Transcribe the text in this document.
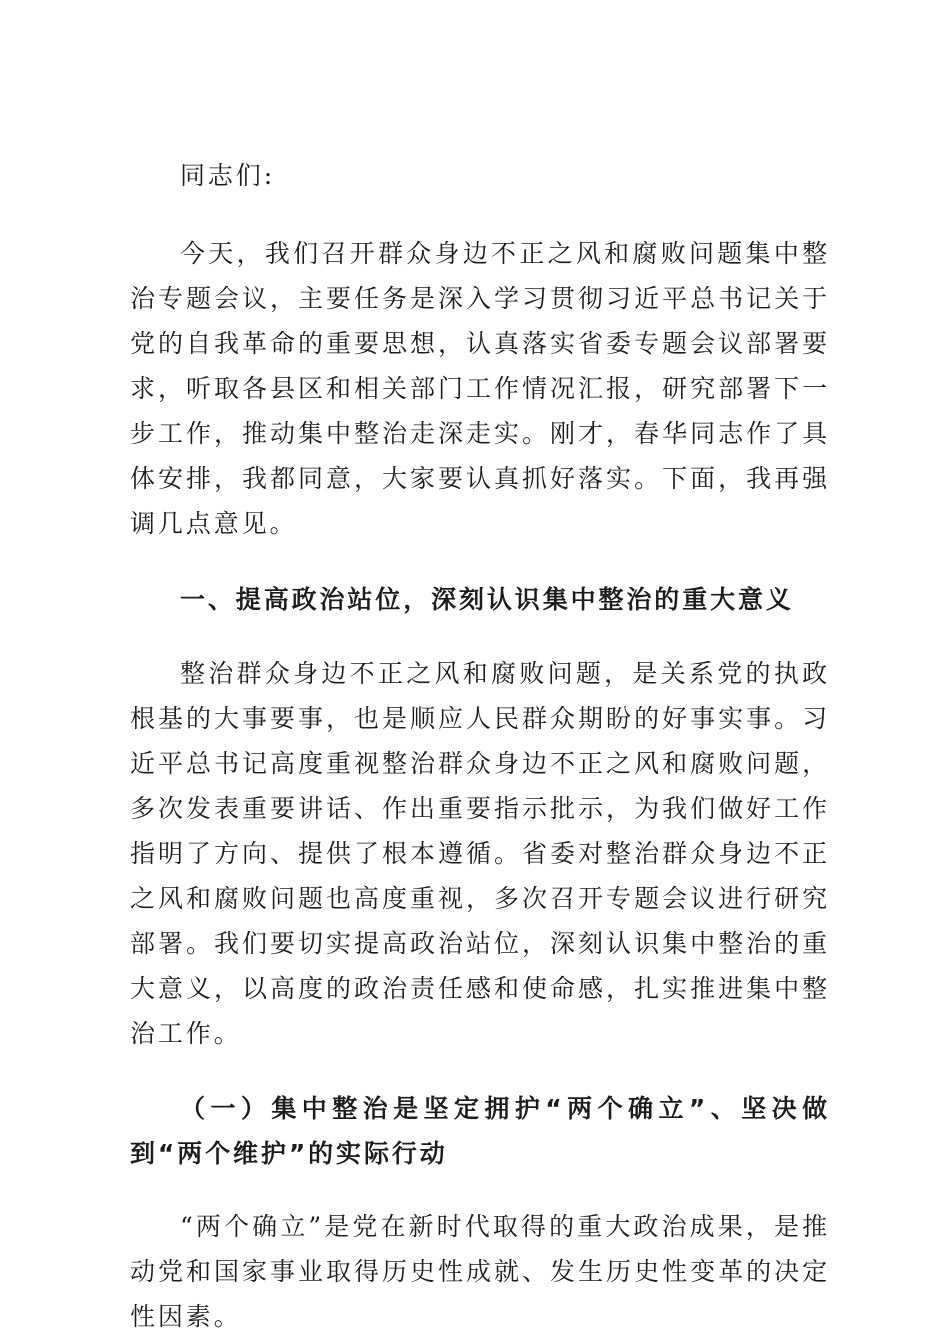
同志们:

今天，我们召开群众身边不正之风和腐败问题集中整治专题会议，主要任务是深入学习贯彻习近平总书记关于党的自我革命的重要思想，认真落实省委专题会议部署要求，听取各县区和相关部门工作情况汇报，研究部署下一步工作，推动集中整治走深走实。刚才，春华同志作了具体安排，我都同意，大家要认真抓好落实。下面，我再强调几点意见。

一、提高政治站位，深刻认识集中整治的重大意义

整治群众身边不正之风和腐败问题，是关系党的执政根基的大事要事，也是顺应人民群众期盼的好事实事。习近平总书记高度重视整治群众身边不正之风和腐败问题，多次发表重要讲话、作出重要指示批示，为我们做好工作指明了方向、提供了根本遵循。省委对整治群众身边不正之风和腐败问题也高度重视，多次召开专题会议进行研究部署。我们要切实提高政治站位，深刻认识集中整治的重大意义，以高度的政治责任感和使命感，扎实推进集中整治工作。

（一）集中整治是坚定拥护“两个确立”、坚决做到“两个维护”的实际行动

“两个确立”是党在新时代取得的重大政治成果，是推动党和国家事业取得历史性成就、发生历史性变革的决定性因素。
